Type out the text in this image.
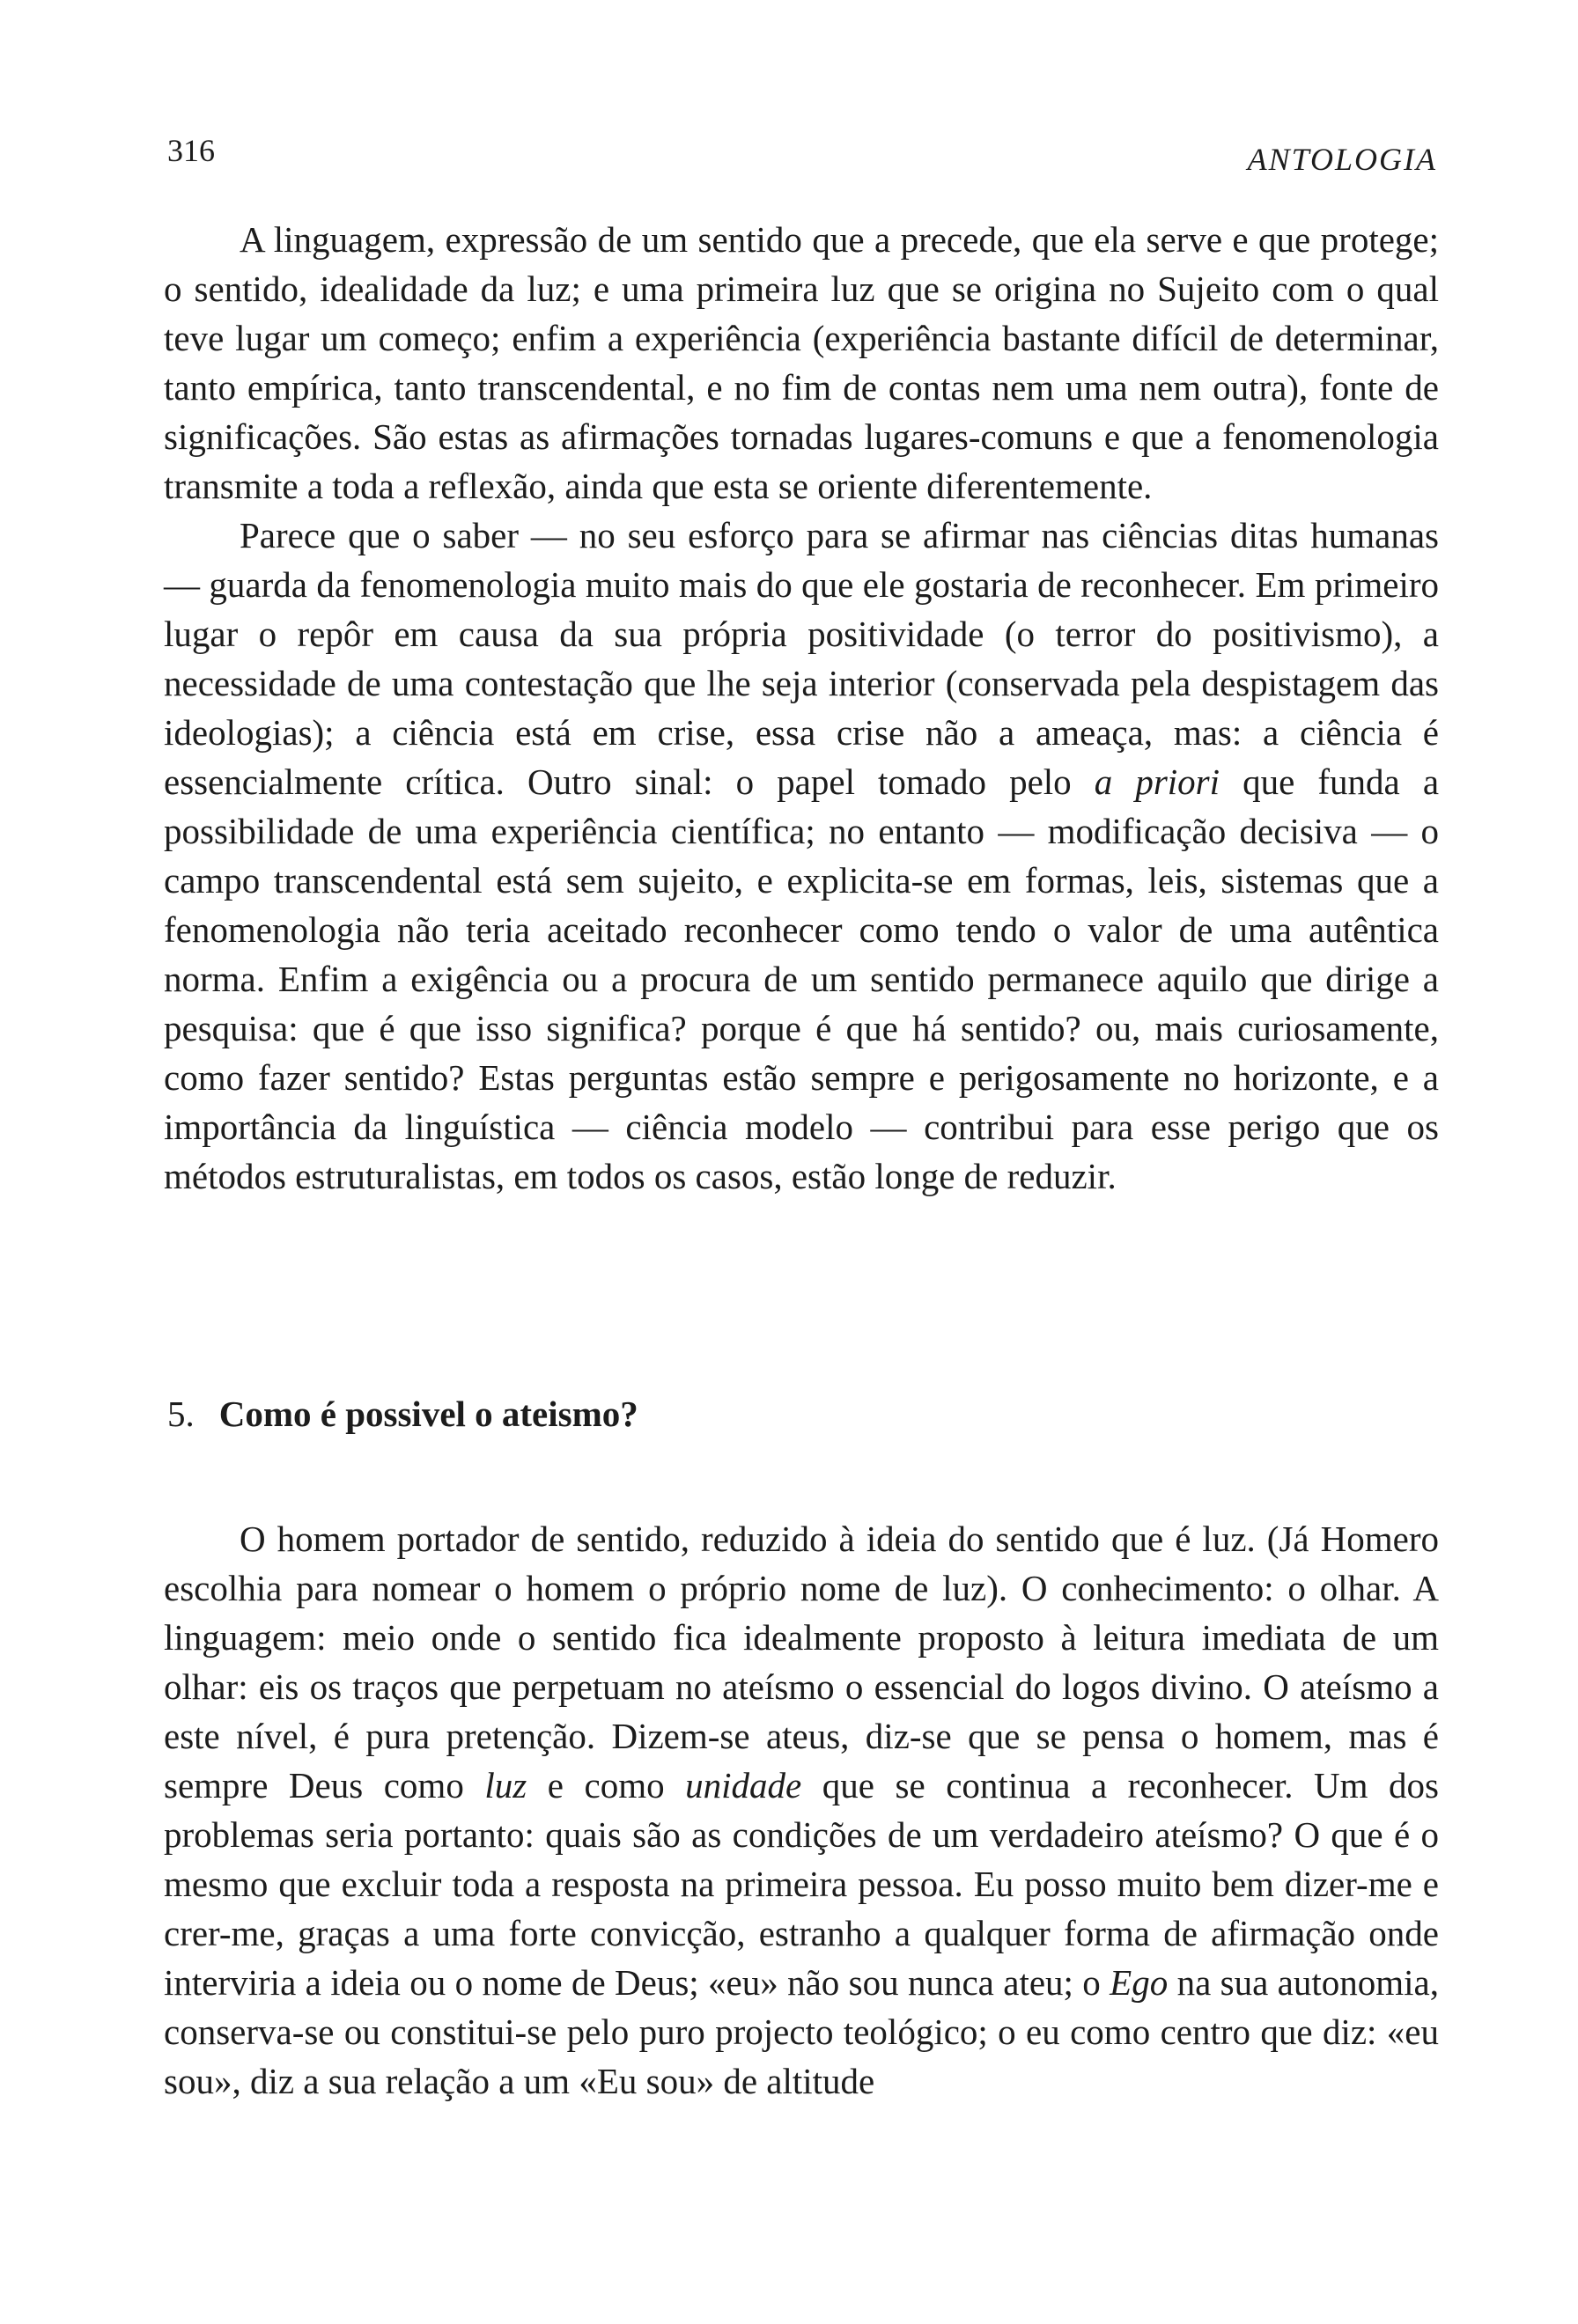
316	ANTOLOGIA

A linguagem, expressão de um sentido que a precede, que ela serve e que protege; o sentido, idealidade da luz; e uma primeira luz que se origina no Sujeito com o qual teve lugar um começo; enfim a experiência (experiência bastante difícil de determinar, tanto empírica, tanto transcendental, e no fim de contas nem uma nem outra), fonte de significações. São estas as afirmações tornadas lugares-comuns e que a fenomenologia transmite a toda a reflexão, ainda que esta se oriente diferentemente.

Parece que o saber — no seu esforço para se afirmar nas ciências ditas humanas — guarda da fenomenologia muito mais do que ele gostaria de reconhecer. Em primeiro lugar o repôr em causa da sua própria positividade (o terror do positivismo), a necessidade de uma contestação que lhe seja interior (conservada pela despistagem das ideologias); a ciência está em crise, essa crise não a ameaça, mas: a ciência é essencialmente crítica. Outro sinal: o papel tomado pelo a priori que funda a possibilidade de uma experiência científica; no entanto — modificação decisiva — o campo transcendental está sem sujeito, e explicita-se em formas, leis, sistemas que a fenomenologia não teria aceitado reconhecer como tendo o valor de uma autêntica norma. Enfim a exigência ou a procura de um sentido permanece aquilo que dirige a pesquisa: que é que isso significa? porque é que há sentido? ou, mais curiosamente, como fazer sentido? Estas perguntas estão sempre e perigosamente no horizonte, e a importância da linguística — ciência modelo — contribui para esse perigo que os métodos estruturalistas, em todos os casos, estão longe de reduzir.

5. Como é possivel o ateismo?

O homem portador de sentido, reduzido à ideia do sentido que é luz. (Já Homero escolhia para nomear o homem o próprio nome de luz). O conhecimento: o olhar. A linguagem: meio onde o sentido fica idealmente proposto à leitura imediata de um olhar: eis os traços que perpetuam no ateísmo o essencial do logos divino. O ateísmo a este nível, é pura pretenção. Dizem-se ateus, diz-se que se pensa o homem, mas é sempre Deus como luz e como unidade que se continua a reconhecer. Um dos problemas seria portanto: quais são as condições de um verdadeiro ateísmo? O que é o mesmo que excluir toda a resposta na primeira pessoa. Eu posso muito bem dizer-me e crer-me, graças a uma forte convicção, estranho a qualquer forma de afirmação onde interviria a ideia ou o nome de Deus; «eu» não sou nunca ateu; o Ego na sua autonomia, conserva-se ou constitui-se pelo puro projecto teológico; o eu como centro que diz: «eu sou», diz a sua relação a um «Eu sou» de altitude
